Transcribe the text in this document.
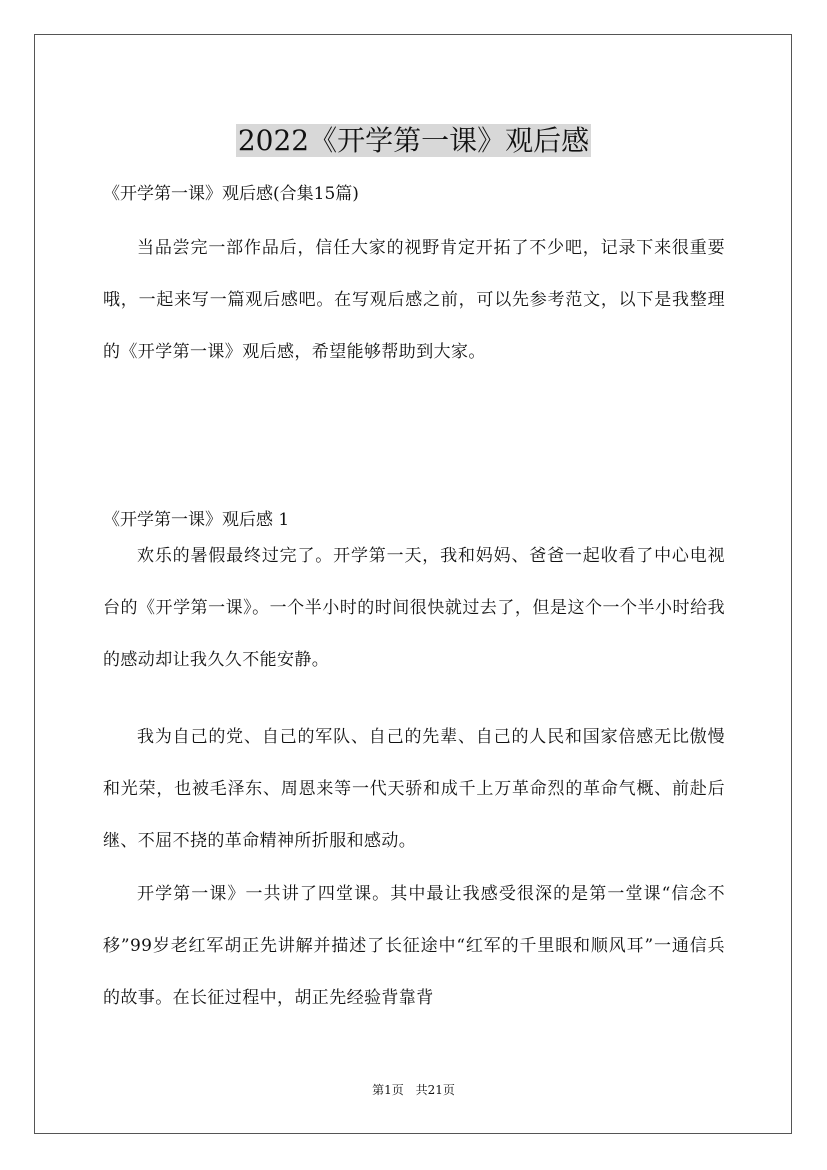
2022《开学第一课》观后感
《开学第一课》观后感(合集15篇)

当品尝完一部作品后，信任大家的视野肯定开拓了不少吧，记录下来很重要哦，一起来写一篇观后感吧。在写观后感之前，可以先参考范文，以下是我整理的《开学第一课》观后感，希望能够帮助到大家。

《开学第一课》观后感 1

欢乐的暑假最终过完了。开学第一天，我和妈妈、爸爸一起收看了中心电视台的《开学第一课》。一个半小时的时间很快就过去了，但是这个一个半小时给我的感动却让我久久不能安静。

我为自己的党、自己的军队、自己的先辈、自己的人民和国家倍感无比傲慢和光荣，也被毛泽东、周恩来等一代天骄和成千上万革命烈的革命气概、前赴后继、不屈不挠的革命精神所折服和感动。

开学第一课》一共讲了四堂课。其中最让我感受很深的是第一堂课“信念不移”99岁老红军胡正先讲解并描述了长征途中“红军的千里眼和顺风耳”一通信兵的故事。在长征过程中，胡正先经验背靠背

第1页 共21页
